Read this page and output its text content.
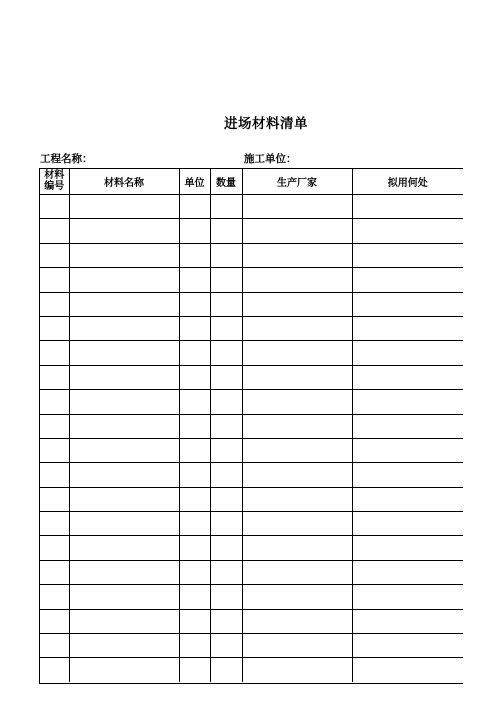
进场材料清单
工程名称：	施工单位：
材料编号	材料名称	单位	数量	生产厂家	拟用何处
